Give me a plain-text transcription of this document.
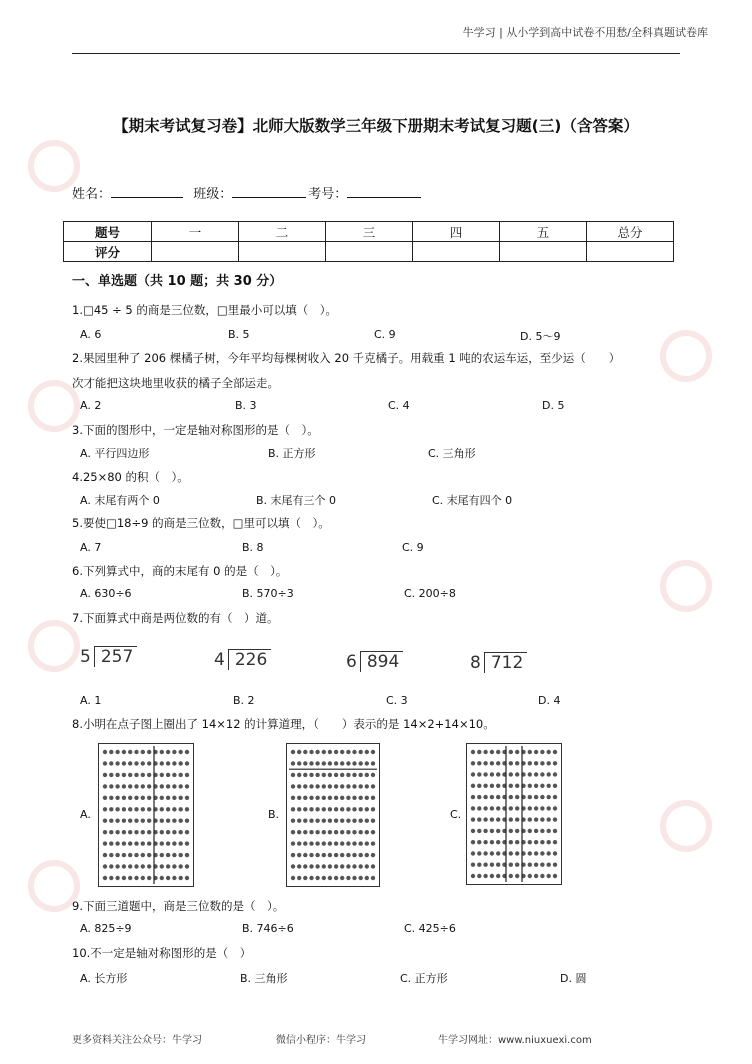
牛学习 | 从小学到高中试卷不用愁/全科真题试卷库
【期末考试复习卷】北师大版数学三年级下册期末考试复习题(三)（含答案）
姓名：	班级：	考号：
题号	一	二	三	四	五	总分
评分						
一、单选题（共 10 题；共 30 分）
1.□45 ÷ 5 的商是三位数，□里最小可以填（　）。
A. 6	B. 5	C. 9	D. 5～9
2.果园里种了 206 棵橘子树，今年平均每棵树收入 20 千克橘子。用载重 1 吨的农运车运，至少运（　　）
次才能把这块地里收获的橘子全部运走。
A. 2	B. 3	C. 4	D. 5
3.下面的图形中，一定是轴对称图形的是（　）。
A. 平行四边形	B. 正方形	C. 三角形
4.25×80 的积（　）。
A. 末尾有两个 0	B. 末尾有三个 0	C. 末尾有四个 0
5.要使□18÷9 的商是三位数，□里可以填（　）。
A. 7	B. 8	C. 9
6.下列算式中，商的末尾有 0 的是（　）。
A. 630÷6	B. 570÷3	C. 200÷8
7.下面算式中商是两位数的有（　）道。
5 257	4 226	6 894	8 712
A. 1	B. 2	C. 3	D. 4
8.小明在点子图上圈出了 14×12 的计算道理，（　　）表示的是 14×2+14×10。
A.	B.	C.
9.下面三道题中，商是三位数的是（　）。
A. 825÷9	B. 746÷6	C. 425÷6
10.不一定是轴对称图形的是（　）
A. 长方形	B. 三角形	C. 正方形	D. 圆
更多资料关注公众号：牛学习	微信小程序：牛学习	牛学习网址：www.niuxuexi.com
